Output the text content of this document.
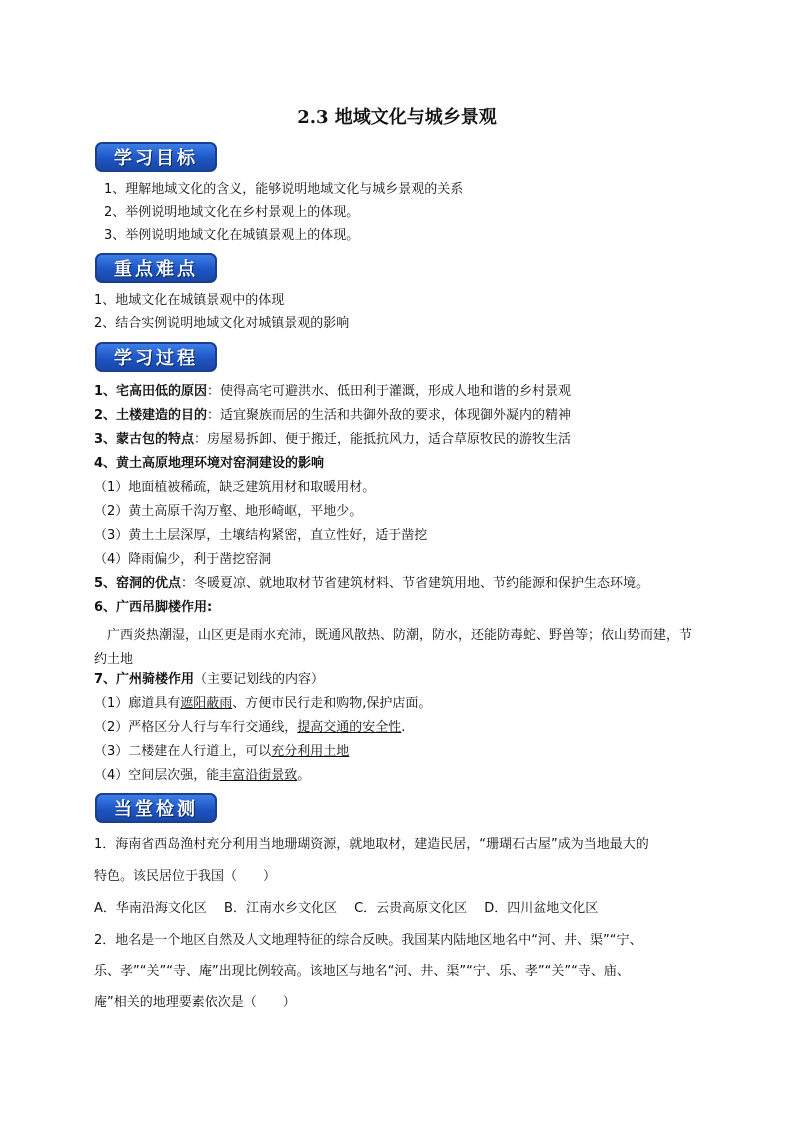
2.3 地域文化与城乡景观
学习目标
1、理解地域文化的含义，能够说明地域文化与城乡景观的关系
2、举例说明地域文化在乡村景观上的体现。
3、举例说明地域文化在城镇景观上的体现。
重点难点
1、地域文化在城镇景观中的体现
2、结合实例说明地域文化对城镇景观的影响
学习过程
1、宅高田低的原因：使得高宅可避洪水、低田利于灌溉，形成人地和谐的乡村景观
2、土楼建造的目的：适宜聚族而居的生活和共御外敌的要求，体现御外凝内的精神
3、蒙古包的特点：房屋易拆卸、便于搬迁，能抵抗风力，适合草原牧民的游牧生活
4、黄土高原地理环境对窑洞建设的影响
（1）地面植被稀疏，缺乏建筑用材和取暖用材。
（2）黄土高原千沟万壑、地形崎岖，平地少。
（3）黄土土层深厚，土壤结构紧密，直立性好，适于凿挖
（4）降雨偏少，利于凿挖窑洞
5、窑洞的优点：冬暖夏凉、就地取材节省建筑材料、节省建筑用地、节约能源和保护生态环境。
6、广西吊脚楼作用:
广西炎热潮湿，山区更是雨水充沛，既通风散热、防潮，防水，还能防毒蛇、野兽等；依山势而建，节约土地
7、广州骑楼作用（主要记划线的内容）
（1）廊道具有遮阳蔽雨、方便市民行走和购物,保护店面。
（2）严格区分人行与车行交通线，提高交通的安全性.
（3）二楼建在人行道上，可以充分利用土地
（4）空间层次强，能丰富沿街景致。
当堂检测
1．海南省西岛渔村充分利用当地珊瑚资源，就地取材，建造民居，“珊瑚石古屋”成为当地最大的
特色。该民居位于我国（　　）
A．华南沿海文化区　 B．江南水乡文化区　 C．云贵高原文化区　 D．四川盆地文化区
2．地名是一个地区自然及人文地理特征的综合反映。我国某内陆地区地名中“河、井、渠”“宁、
乐、孝”“关”“寺、庵”出现比例较高。该地区与地名“河、井、渠”“宁、乐、孝”“关”“寺、庙、
庵”相关的地理要素依次是（　　）
